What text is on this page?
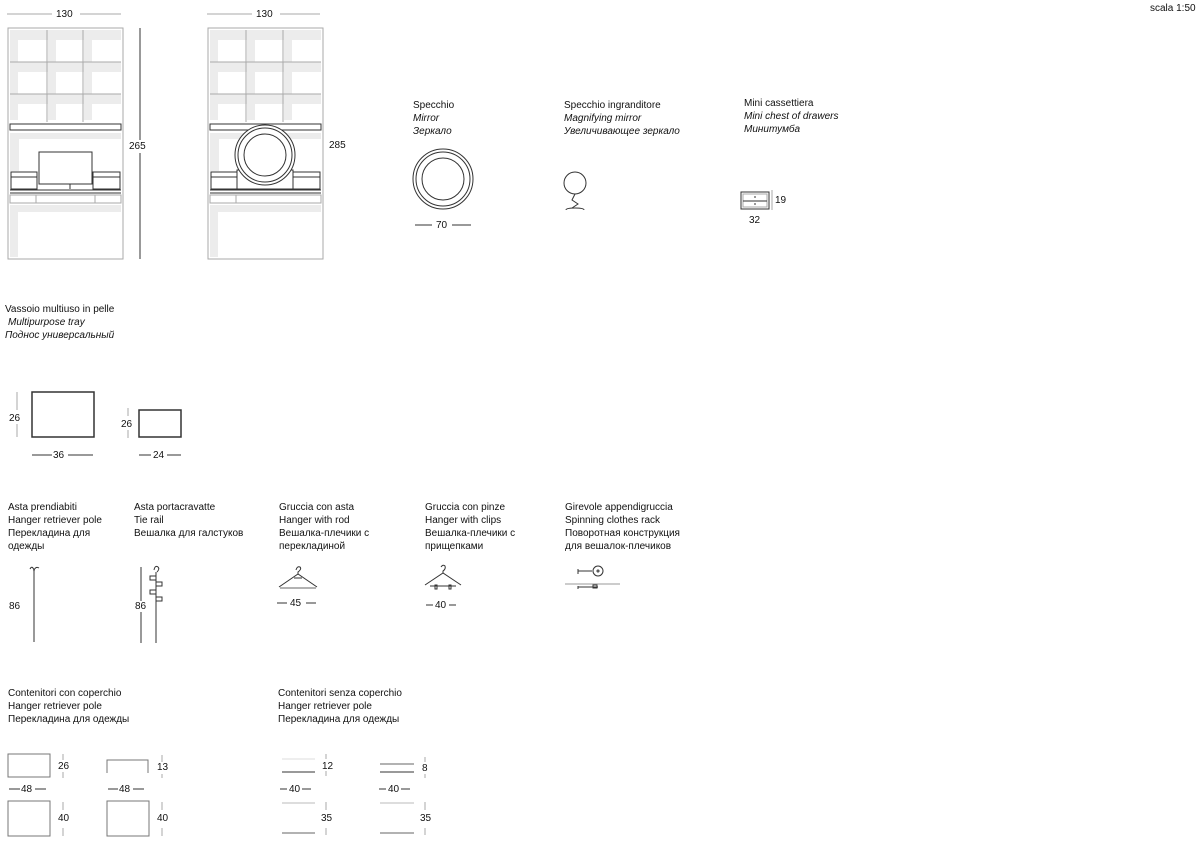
scala 1:50
130
265
130
285
Specchio
Mirror
Зеркало
70
Specchio ingranditore
Magnifying mirror
Увеличивающее зеркало
Mini cassettiera
Mini chest of drawers
Минитумба
19
32
Vassoio multiuso in pelle
Multipurpose tray
Поднос универсальный
26
36
26
24
Asta prendiabiti
Hanger retriever pole
Перекладина для
одежды
86
Asta portacravatte
Tie rail
Вешалка для галстуков
86
Gruccia con asta
Hanger with rod
Вешалка-плечики с
перекладиной
45
Gruccia con pinze
Hanger with clips
Вешалка-плечики с
прищепками
40
Girevole appendigruccia
Spinning clothes rack
Поворотная конструкция
для вешалок-плечиков
Contenitori con coperchio
Hanger retriever pole
Перекладина для одежды
26
48
40
13
48
40
Contenitori senza coperchio
Hanger retriever pole
Перекладина для одежды
12
40
35
8
40
35
